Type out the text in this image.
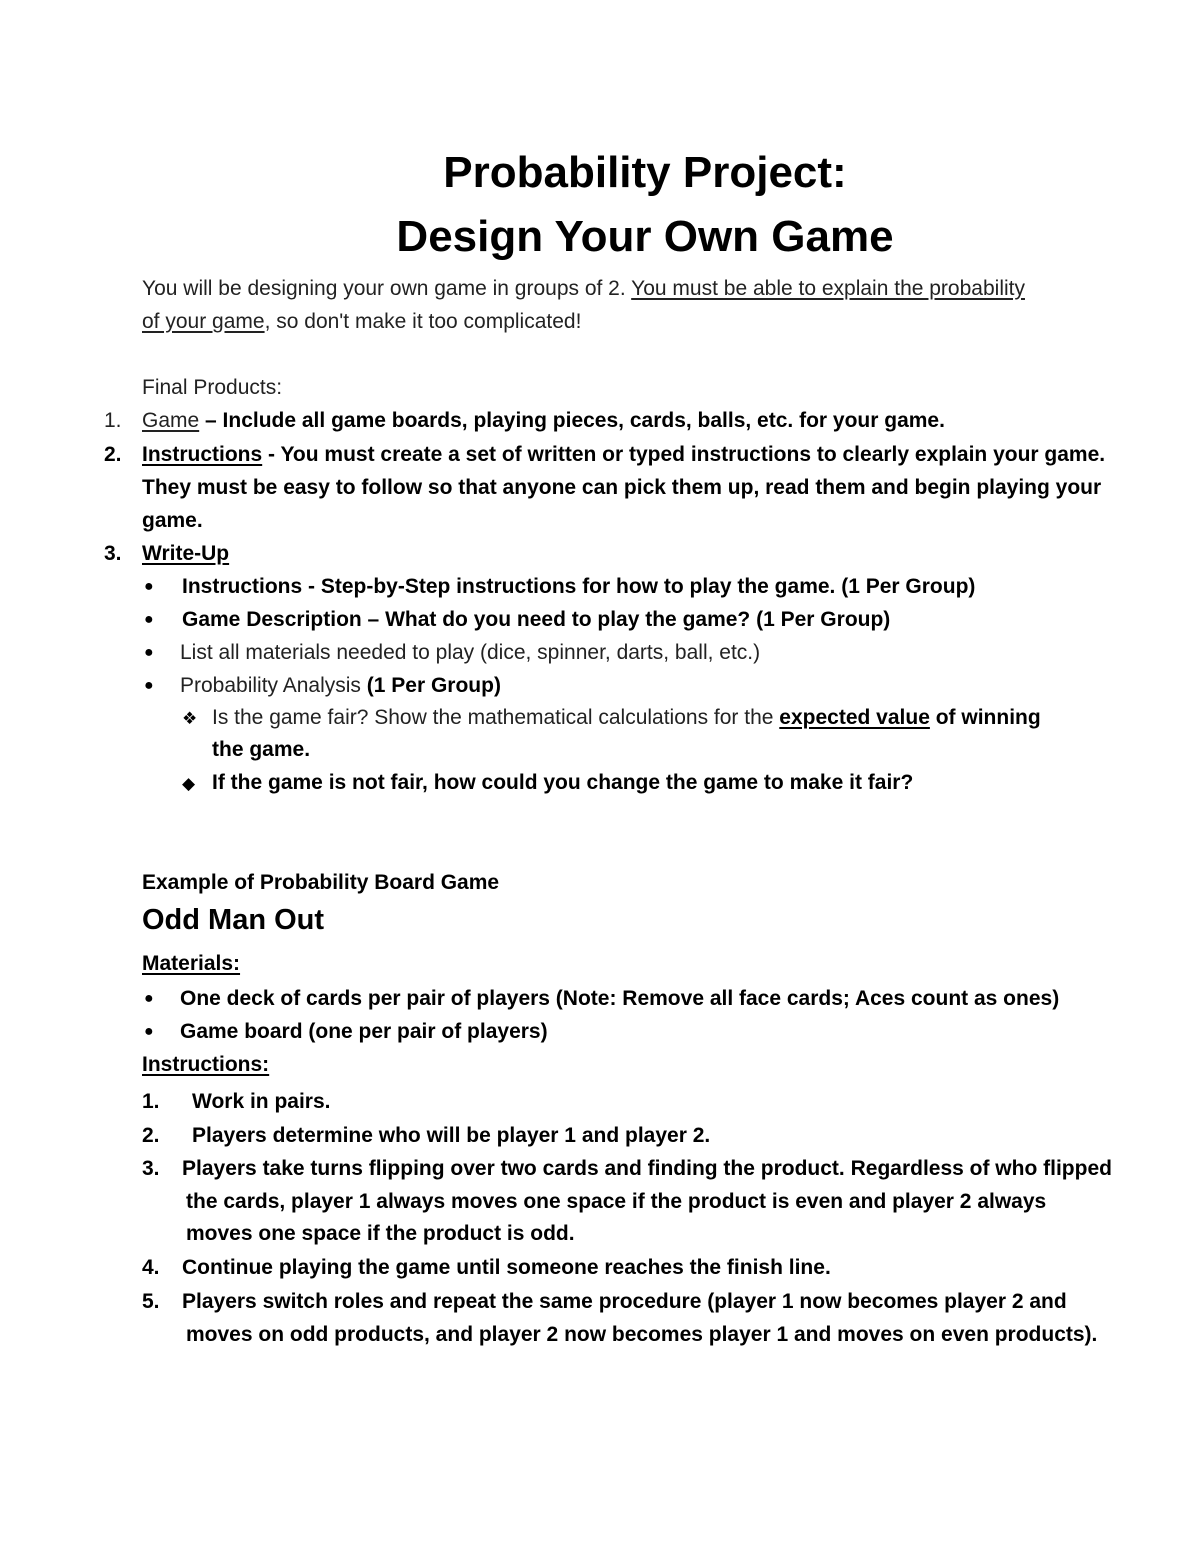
Probability Project:
Design Your Own Game
You will be designing your own game in groups of 2. You must be able to explain the probability
of your game, so don't make it too complicated!
Final Products:
1. Game – Include all game boards, playing pieces, cards, balls, etc. for your game.
2. Instructions - You must create a set of written or typed instructions to clearly explain your game.
They must be easy to follow so that anyone can pick them up, read them and begin playing your
game.
3. Write-Up
● Instructions - Step-by-Step instructions for how to play the game. (1 Per Group)
● Game Description – What do you need to play the game? (1 Per Group)
● List all materials needed to play (dice, spinner, darts, ball, etc.)
● Probability Analysis (1 Per Group)
❖ Is the game fair? Show the mathematical calculations for the expected value of winning
the game.
◆ If the game is not fair, how could you change the game to make it fair?
Example of Probability Board Game
Odd Man Out
Materials:
● One deck of cards per pair of players (Note: Remove all face cards; Aces count as ones)
● Game board (one per pair of players)
Instructions:
1. Work in pairs.
2. Players determine who will be player 1 and player 2.
3. Players take turns flipping over two cards and finding the product. Regardless of who flipped
the cards, player 1 always moves one space if the product is even and player 2 always
moves one space if the product is odd.
4. Continue playing the game until someone reaches the finish line.
5. Players switch roles and repeat the same procedure (player 1 now becomes player 2 and
moves on odd products, and player 2 now becomes player 1 and moves on even products).
